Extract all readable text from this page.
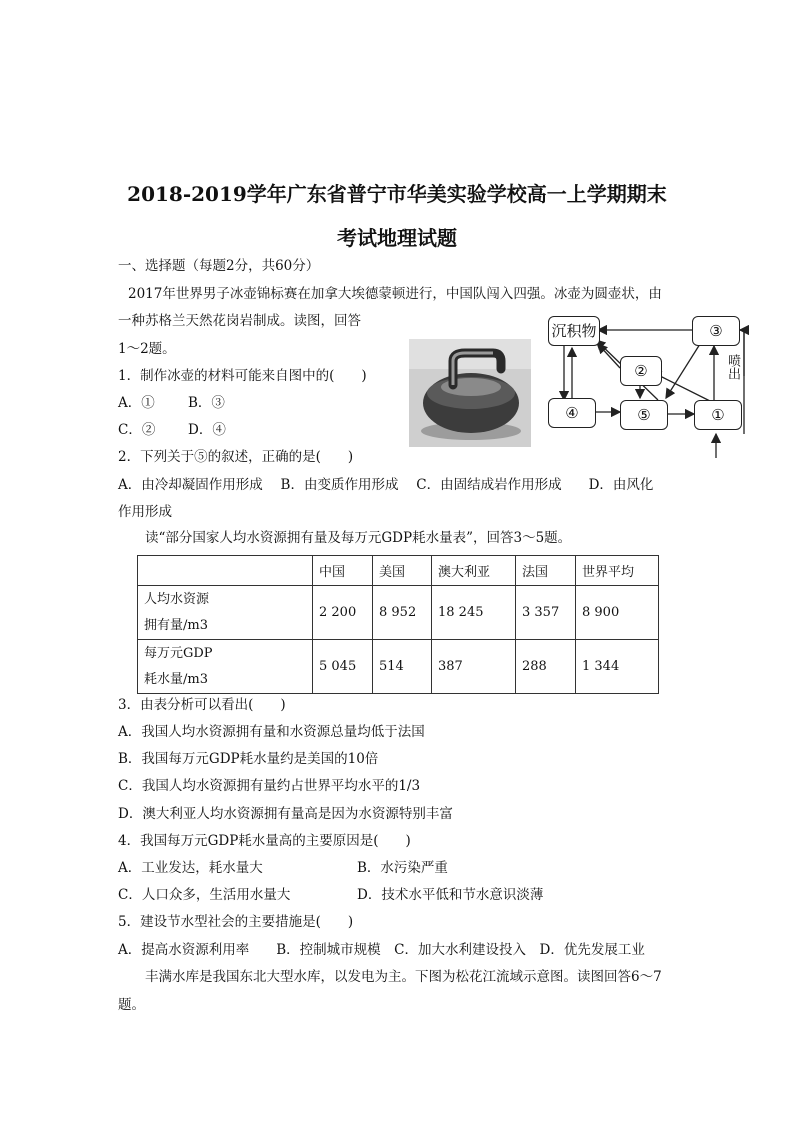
2018-2019学年广东省普宁市华美实验学校高一上学期期末
考试地理试题
一、选择题（每题2分，共60分）
2017年世界男子冰壶锦标赛在加拿大埃德蒙顿进行，中国队闯入四强。冰壶为圆壶状，由
一种苏格兰天然花岗岩制成。读图，回答
1～2题。
1．制作冰壶的材料可能来自图中的(　　)
A．① B．③
C．② D．④
沉积物	③
②
④	⑤	①
喷出
2．下列关于⑤的叙述，正确的是(　　)
A．由冷却凝固作用形成　 B．由变质作用形成　 C．由固结成岩作用形成　　D．由风化
作用形成
读“部分国家人均水资源拥有量及每万元GDP耗水量表”，回答3～5题。
	中国	美国	澳大利亚	法国	世界平均

人均水资源
拥有量/m3	2 200	8 952	18 245	3 357	8 900

每万元GDP
耗水量/m3	5 045	514	387	288	1 344
3．由表分析可以看出(　　)
A．我国人均水资源拥有量和水资源总量均低于法国
B．我国每万元GDP耗水量约是美国的10倍
C．我国人均水资源拥有量约占世界平均水平的1/3
D．澳大利亚人均水资源拥有量高是因为水资源特别丰富
4．我国每万元GDP耗水量高的主要原因是(　　)
A．工业发达，耗水量大	B．水污染严重
C．人口众多，生活用水量大	D．技术水平低和节水意识淡薄
5．建设节水型社会的主要措施是(　　)
A．提高水资源利用率　　B．控制城市规模　C．加大水利建设投入　D．优先发展工业
丰满水库是我国东北大型水库，以发电为主。下图为松花江流域示意图。读图回答6～7
题。
